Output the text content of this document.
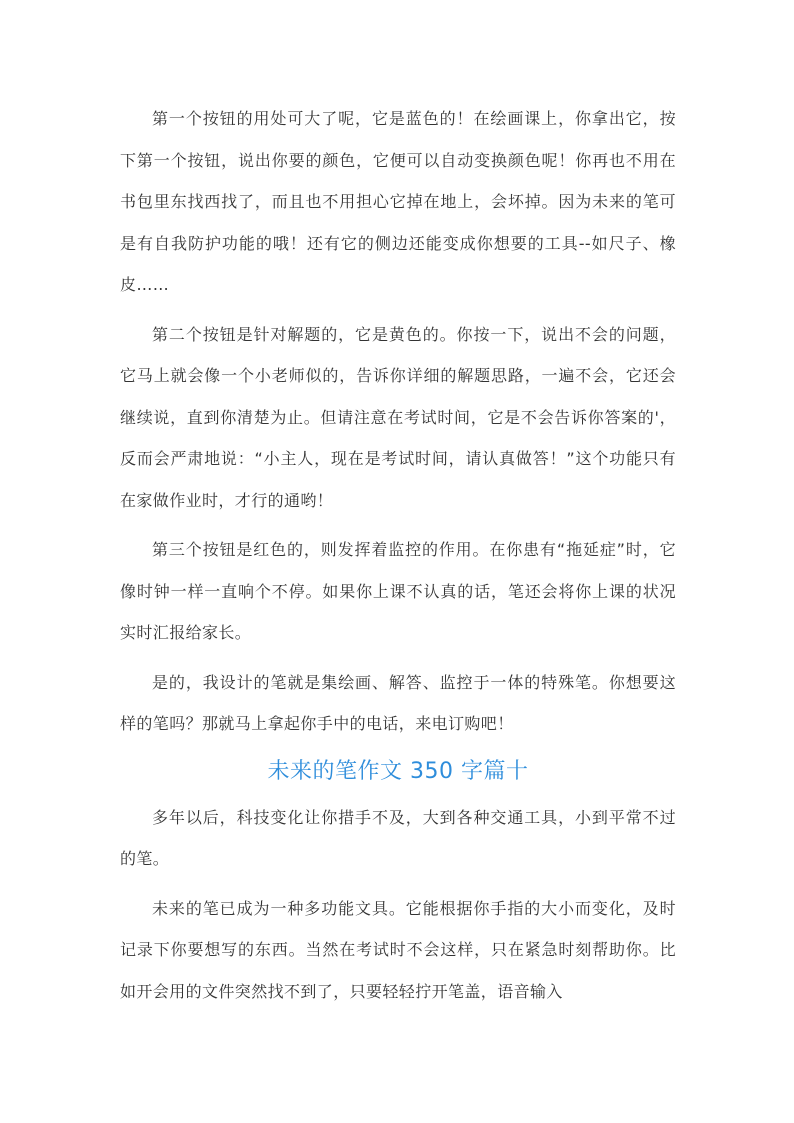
第一个按钮的用处可大了呢，它是蓝色的！在绘画课上，你拿出它，按下第一个按钮，说出你要的颜色，它便可以自动变换颜色呢！你再也不用在书包里东找西找了，而且也不用担心它掉在地上，会坏掉。因为未来的笔可是有自我防护功能的哦！还有它的侧边还能变成你想要的工具--如尺子、橡皮……

第二个按钮是针对解题的，它是黄色的。你按一下，说出不会的问题，它马上就会像一个小老师似的，告诉你详细的解题思路，一遍不会，它还会继续说，直到你清楚为止。但请注意在考试时间，它是不会告诉你答案的'，反而会严肃地说：“小主人，现在是考试时间，请认真做答！”这个功能只有在家做作业时，才行的通哟！

第三个按钮是红色的，则发挥着监控的作用。在你患有“拖延症”时，它像时钟一样一直响个不停。如果你上课不认真的话，笔还会将你上课的状况实时汇报给家长。

是的，我设计的笔就是集绘画、解答、监控于一体的特殊笔。你想要这样的笔吗？那就马上拿起你手中的电话，来电订购吧！

未来的笔作文 350 字篇十

多年以后，科技变化让你措手不及，大到各种交通工具，小到平常不过的笔。

未来的笔已成为一种多功能文具。它能根据你手指的大小而变化，及时记录下你要想写的东西。当然在考试时不会这样，只在紧急时刻帮助你。比如开会用的文件突然找不到了，只要轻轻拧开笔盖，语音输入
